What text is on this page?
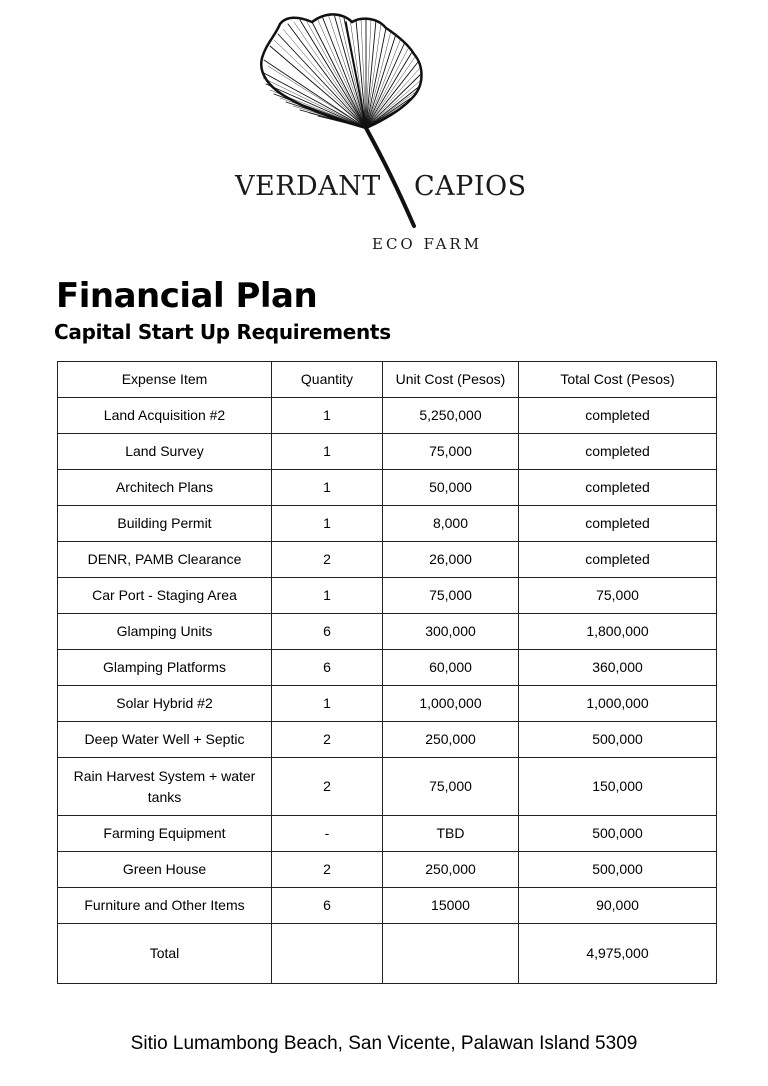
VERDANT CAPIOS
ECO FARM
Financial Plan
Capital Start Up Requirements
Expense Item	Quantity	Unit Cost (Pesos)	Total Cost (Pesos)
Land Acquisition #2	1	5,250,000	completed
Land Survey	1	75,000	completed
Architech Plans	1	50,000	completed
Building Permit	1	8,000	completed
DENR, PAMB Clearance	2	26,000	completed
Car Port - Staging Area	1	75,000	75,000
Glamping Units	6	300,000	1,800,000
Glamping Platforms	6	60,000	360,000
Solar Hybrid #2	1	1,000,000	1,000,000
Deep Water Well + Septic	2	250,000	500,000
Rain Harvest System + water tanks	2	75,000	150,000
Farming Equipment	-	TBD	500,000
Green House	2	250,000	500,000
Furniture and Other Items	6	15000	90,000
Total			4,975,000
Sitio Lumambong Beach, San Vicente, Palawan Island 5309
